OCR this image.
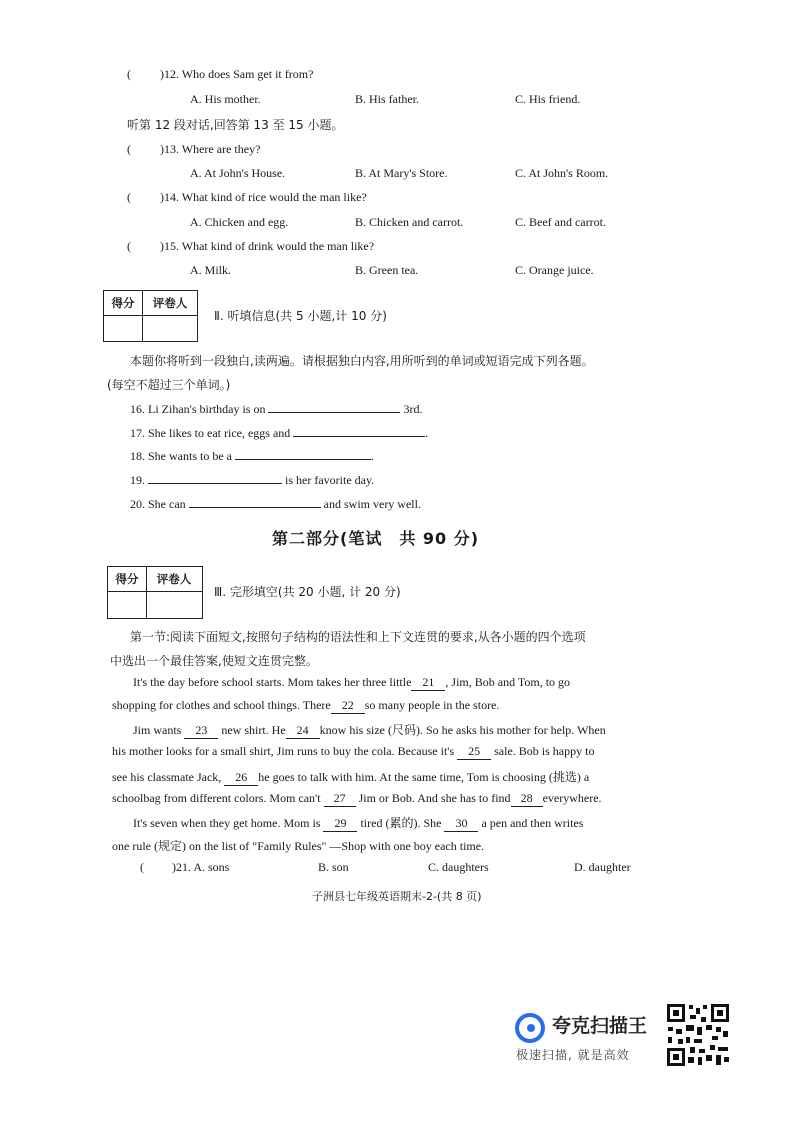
( )12. Who does Sam get it from?
A. His mother.	B. His father.	C. His friend.
听第 12 段对话,回答第 13 至 15 小题。
( )13. Where are they?
A. At John's House.	B. At Mary's Store.	C. At John's Room.
( )14. What kind of rice would the man like?
A. Chicken and egg.	B. Chicken and carrot.	C. Beef and carrot.
( )15. What kind of drink would the man like?
A. Milk.	B. Green tea.	C. Orange juice.
得分	评卷人
Ⅱ. 听填信息(共 5 小题,计 10 分)
本题你将听到一段独白,读两遍。请根据独白内容,用所听到的单词或短语完成下列各题。
(每空不超过三个单词。)
16. Li Zihan's birthday is on	3rd.
17. She likes to eat rice, eggs and	.
18. She wants to be a	.
19.	is her favorite day.
20. She can	and swim very well.
第二部分(笔试　共 90 分)
得分	评卷人
Ⅲ. 完形填空(共 20 小题, 计 20 分)
第一节:阅读下面短文,按照句子结构的语法性和上下文连贯的要求,从各小题的四个选项
中选出一个最佳答案,使短文连贯完整。
It's the day before school starts. Mom takes her three little 21 , Jim, Bob and Tom, to go
shopping for clothes and school things. There 22 so many people in the store.
Jim wants 23 new shirt. He 24 know his size (尺码). So he asks his mother for help. When
his mother looks for a small shirt, Jim runs to buy the cola. Because it's 25 sale. Bob is happy to
see his classmate Jack, 26 he goes to talk with him. At the same time, Tom is choosing (挑选) a
schoolbag from different colors. Mom can't 27 Jim or Bob. And she has to find 28 everywhere.
It's seven when they get home. Mom is 29 tired (累的). She 30 a pen and then writes
one rule (规定) on the list of "Family Rules" —Shop with one boy each time.
( )21. A. sons	B. son	C. daughters	D. daughter
子洲县七年级英语期末-2-(共 8 页)
夸克扫描王
极速扫描, 就是高效
